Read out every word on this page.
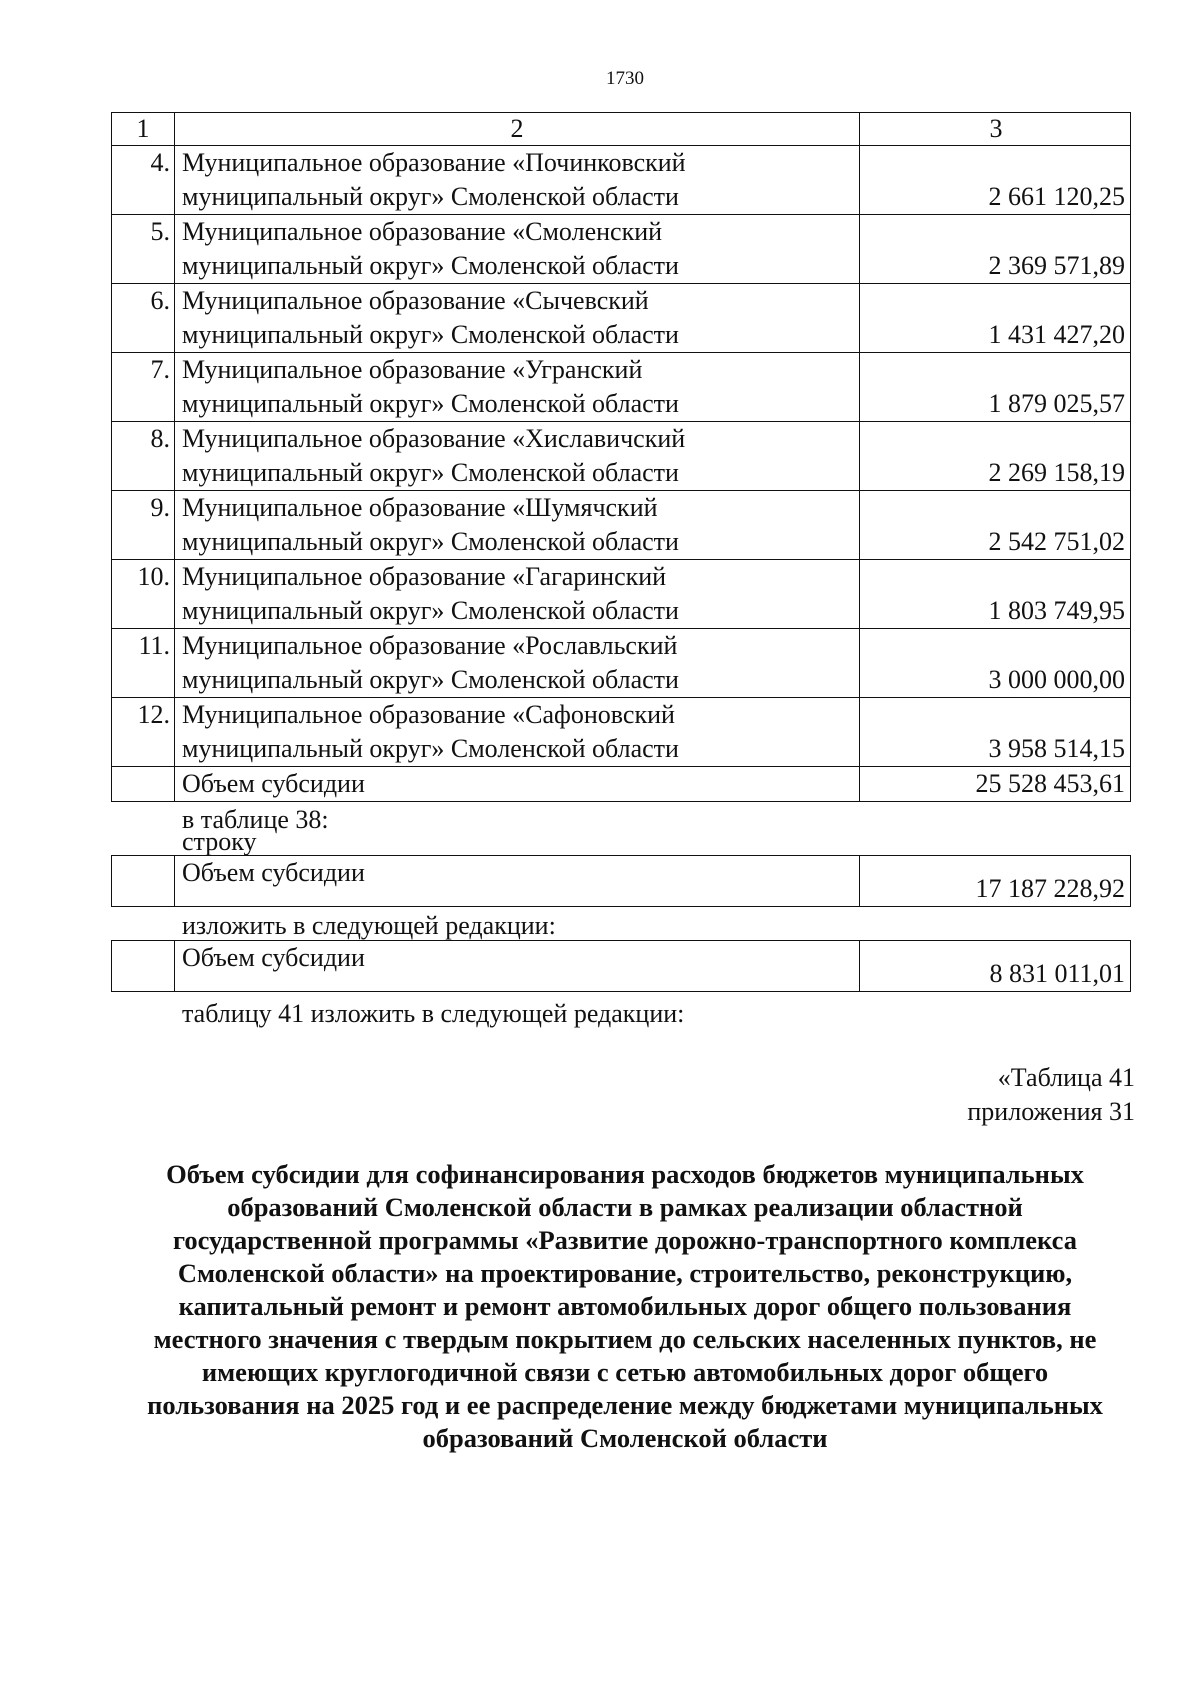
1730
1	2	3
4.	Муниципальное образование «Починковский
муниципальный округ» Смоленской области	2 661 120,25
5.	Муниципальное образование «Смоленский
муниципальный округ» Смоленской области	2 369 571,89
6.	Муниципальное образование «Сычевский
муниципальный округ» Смоленской области	1 431 427,20
7.	Муниципальное образование «Угранский
муниципальный округ» Смоленской области	1 879 025,57
8.	Муниципальное образование «Хиславичский
муниципальный округ» Смоленской области	2 269 158,19
9.	Муниципальное образование «Шумячский
муниципальный округ» Смоленской области	2 542 751,02
10.	Муниципальное образование «Гагаринский
муниципальный округ» Смоленской области	1 803 749,95
11.	Муниципальное образование «Рославльский
муниципальный округ» Смоленской области	3 000 000,00
12.	Муниципальное образование «Сафоновский
муниципальный округ» Смоленской области	3 958 514,15
	Объем субсидии	25 528 453,61
в таблице 38:
строку
	Объем субсидии	17 187 228,92
изложить в следующей редакции:
	Объем субсидии	8 831 011,01
таблицу 41 изложить в следующей редакции:
«Таблица 41
приложения 31
Объем субсидии для софинансирования расходов бюджетов муниципальных
образований Смоленской области в рамках реализации областной
государственной программы «Развитие дорожно-транспортного комплекса
Смоленской области» на проектирование, строительство, реконструкцию,
капитальный ремонт и ремонт автомобильных дорог общего пользования
местного значения с твердым покрытием до сельских населенных пунктов, не
имеющих круглогодичной связи с сетью автомобильных дорог общего
пользования на 2025 год и ее распределение между бюджетами муниципальных
образований Смоленской области
